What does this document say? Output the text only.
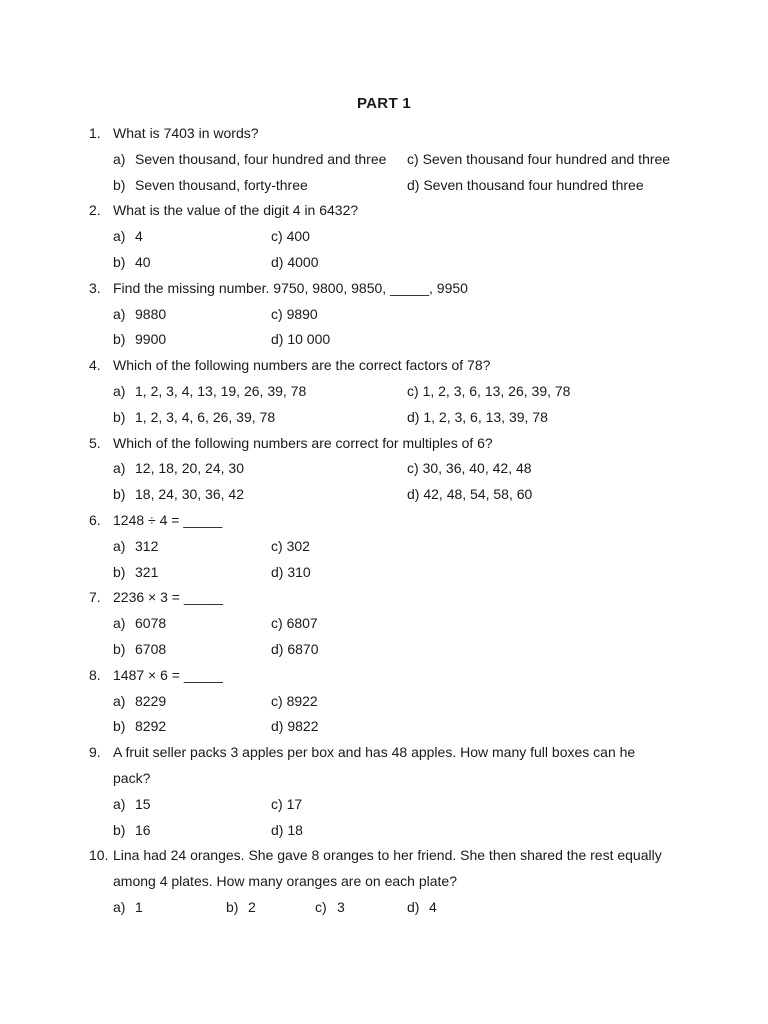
PART 1
1. What is 7403 in words?
a) Seven thousand, four hundred and three c) Seven thousand four hundred and three
b) Seven thousand, forty-three	d) Seven thousand four hundred three
2. What is the value of the digit 4 in 6432?
a) 4	c) 400
b) 40	d) 4000
3. Find the missing number. 9750, 9800, 9850, _____, 9950
a) 9880	c) 9890
b) 9900	d) 10 000
4. Which of the following numbers are the correct factors of 78?
a) 1, 2, 3, 4, 13, 19, 26, 39, 78	c) 1, 2, 3, 6, 13, 26, 39, 78
b) 1, 2, 3, 4, 6, 26, 39, 78	d) 1, 2, 3, 6, 13, 39, 78
5. Which of the following numbers are correct for multiples of 6?
a) 12, 18, 20, 24, 30	c) 30, 36, 40, 42, 48
b) 18, 24, 30, 36, 42	d) 42, 48, 54, 58, 60
6. 1248 ÷ 4 = _____
a) 312	c) 302
b) 321	d) 310
7. 2236 × 3 = _____
a) 6078	c) 6807
b) 6708	d) 6870
8. 1487 × 6 = _____
a) 8229	c) 8922
b) 8292	d) 9822
9. A fruit seller packs 3 apples per box and has 48 apples. How many full boxes can he
pack?
a) 15	c) 17
b) 16	d) 18
10. Lina had 24 oranges. She gave 8 oranges to her friend. She then shared the rest equally
among 4 plates. How many oranges are on each plate?
a) 1	b) 2	c) 3	d) 4
